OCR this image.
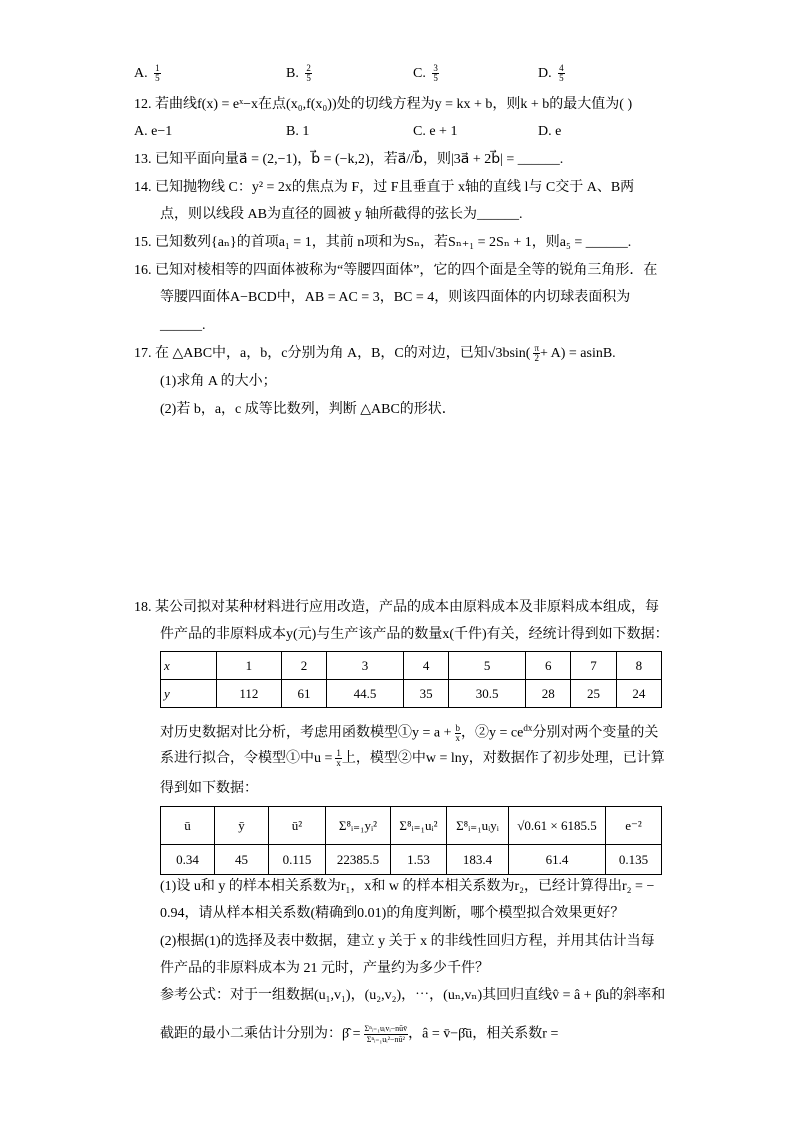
A. $\frac{1}{5}$	B. $\frac{2}{5}$	C. $\frac{3}{5}$	D. $\frac{4}{5}$
12. 若曲线f(x) = eˣ−x在点(x₀,f(x₀))处的切线方程为y = kx + b，则k + b的最大值为( )
A. e−1	B. 1	C. e + 1	D. e
13. 已知平面向量a⃗ = (2,−1)，b⃗ = (−k,2)，若a⃗//b⃗，则|3a⃗ + 2b⃗| = ______.
14. 已知抛物线 C：y² = 2x的焦点为 F，过 F且垂直于 x轴的直线 l与 C交于 A、B两
点，则以线段 AB为直径的圆被 y 轴所截得的弦长为______.
15. 已知数列{aₙ}的首项a₁ = 1，其前 n项和为Sₙ，若Sₙ₊₁ = 2Sₙ + 1，则a₅ = ______.
16. 已知对棱相等的四面体被称为“等腰四面体”，它的四个面是全等的锐角三角形．在
等腰四面体A−BCD中，AB = AC = 3，BC = 4，则该四面体的内切球表面积为
______.
17. 在 △ABC中，a，b，c分别为角 A，B，C的对边，已知$√3bsin( \frac{\pi}{2} + A) = asinB$.
(1)求角 A 的大小；
(2)若 b，a，c 成等比数列，判断 △ABC的形状．
18. 某公司拟对某种材料进行应用改造，产品的成本由原料成本及非原料成本组成，每
件产品的非原料成本y(元)与生产该产品的数量x(千件)有关，经统计得到如下数据：
x	1	2	3	4	5	6	7	8
y	112	61	44.5	35	30.5	28	25	24
对历史数据对比分析，考虑用函数模型①y = $a + \frac{b}{x}$ ，②y = $ce^{dx}$分别对两个变量的关
系进行拟合，令模型①中$u = \frac{1}{x}$ 上，模型②中w = lny，对数据作了初步处理，已计算
得到如下数据：
ū	ȳ	ū²	Σ⁸ᵢ₌₁yᵢ²	Σ⁸ᵢ₌₁uᵢ²	Σ⁸ᵢ₌₁uᵢyᵢ	√0.61 × 6185.5	e⁻²
0.34	45	0.115	22385.5	1.53	183.4	61.4	0.135
(1)设 u和 y 的样本相关系数为r₁，x和 w 的样本相关系数为r₂，已经计算得出r₂ = −
0.94，请从样本相关系数(精确到0.01)的角度判断，哪个模型拟合效果更好？
(2)根据(1)的选择及表中数据，建立 y 关于 x 的非线性回归方程，并用其估计当每
件产品的非原料成本为 21 元时，产量约为多少千件？
参考公式：对于一组数据(u₁,v₁)，(u₂,v₂)，⋯，(uₙ,vₙ)其回归直线v̂ = â + β̂u的斜率和
截距的最小二乘估计分别为：β̂ = $\frac{\text{Σⁿᵢ₌₁uᵢvᵢ−nūv̄}}{\text{Σⁿᵢ₌₁uᵢ²−nū²}}$ ，â = v̄−β̂ū，相关系数r =
